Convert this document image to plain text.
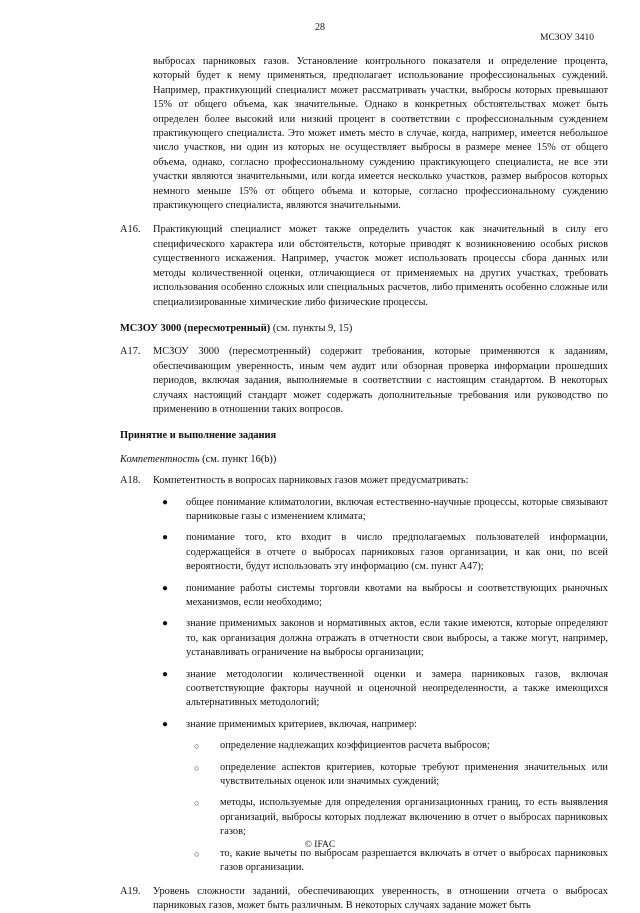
28
МСЗОУ 3410

выбросах парниковых газов. Установление контрольного показателя и определение процента, который будет к нему применяться, предполагает использование профессиональных суждений. Например, практикующий специалист может рассматривать участки, выбросы которых превышают 15% от общего объема, как значительные. Однако в конкретных обстоятельствах может быть определен более высокий или низкий процент в соответствии с профессиональным суждением практикующего специалиста. Это может иметь место в случае, когда, например, имеется небольшое число участков, ни один из которых не осуществляет выбросы в размере менее 15% от общего объема, однако, согласно профессиональному суждению практикующего специалиста, не все эти участки являются значительными, или когда имеется несколько участков, размер выбросов которых немного меньше 15% от общего объема и которые, согласно профессиональному суждению практикующего специалиста, являются значительными.

A16. Практикующий специалист может также определить участок как значительный в силу его специфического характера или обстоятельств, которые приводят к возникновению особых рисков существенного искажения. Например, участок может использовать процессы сбора данных или методы количественной оценки, отличающиеся от применяемых на других участках, требовать использования особенно сложных или специальных расчетов, либо применять особенно сложные или специализированные химические либо физические процессы.

МСЗОУ 3000 (пересмотренный) (см. пункты 9, 15)

A17. МСЗОУ 3000 (пересмотренный) содержит требования, которые применяются к заданиям, обеспечивающим уверенность, иным чем аудит или обзорная проверка информации прошедших периодов, включая задания, выполняемые в соответствии с настоящим стандартом. В некоторых случаях настоящий стандарт может содержать дополнительные требования или руководство по применению в отношении таких вопросов.

Принятие и выполнение задания

Компетентность (см. пункт 16(b))

A18. Компетентность в вопросах парниковых газов может предусматривать:

● общее понимание климатологии, включая естественно-научные процессы, которые связывают парниковые газы с изменением климата;
● понимание того, кто входит в число предполагаемых пользователей информации, содержащейся в отчете о выбросах парниковых газов организации, и как они, по всей вероятности, будут использовать эту информацию (см. пункт A47);
● понимание работы системы торговли квотами на выбросы и соответствующих рыночных механизмов, если необходимо;
● знание применимых законов и нормативных актов, если такие имеются, которые определяют то, как организация должна отражать в отчетности свои выбросы, а также могут, например, устанавливать ограничение на выбросы организации;
● знание методологии количественной оценки и замера парниковых газов, включая соответствующие факторы научной и оценочной неопределенности, а также имеющихся альтернативных методологий;
● знание применимых критериев, включая, например:
○ определение надлежащих коэффициентов расчета выбросов;
○ определение аспектов критериев, которые требуют применения значительных или чувствительных оценок или значимых суждений;
○ методы, используемые для определения организационных границ, то есть выявления организаций, выбросы которых подлежат включению в отчет о выбросах парниковых газов;
○ то, какие вычеты по выбросам разрешается включать в отчет о выбросах парниковых газов организации.
A19. Уровень сложности заданий, обеспечивающих уверенность, в отношении отчета о выбросах парниковых газов, может быть различным. В некоторых случаях задание может быть

© IFAC
